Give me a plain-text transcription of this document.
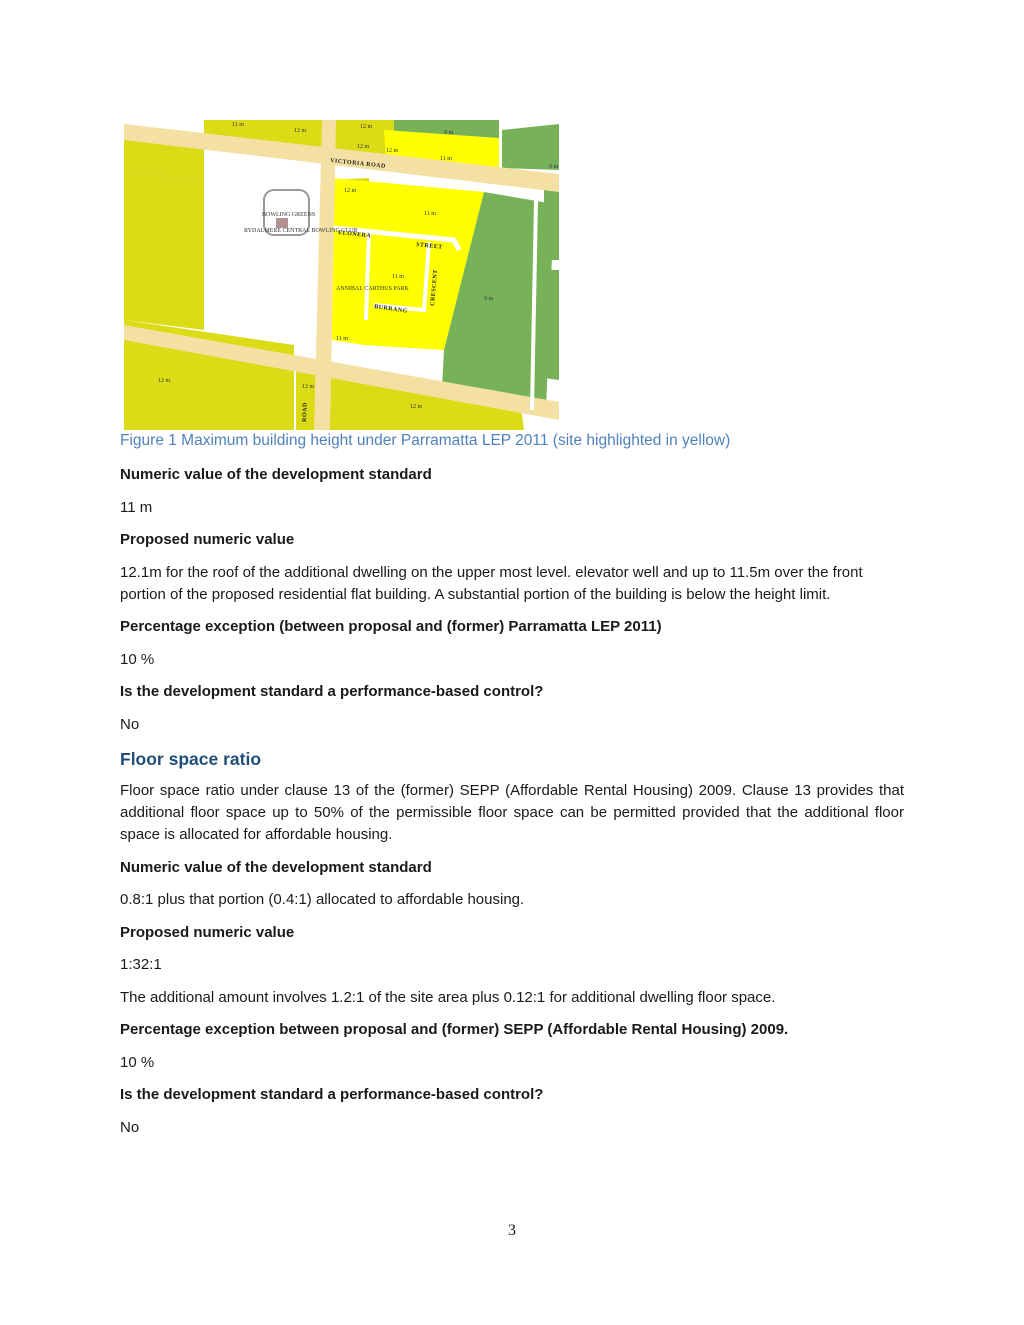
11 m
12 m
12 m
12 m
12 m
9 m
11 m
12 m
11 m
11 m
9 m
11 m
12 m
12 m
12 m
9 m
VICTORIA ROAD
ELONERA
STREET
CRESCENT
BURRANG
ROAD
BOWLING GREENS
RYDALMERE CENTRAL BOWLING CLUB
ANNIBAL CARTHUS PARK
Figure 1 Maximum building height under Parramatta LEP 2011 (site highlighted in yellow)
Numeric value of the development standard
11 m
Proposed numeric value
12.1m for the roof of the additional dwelling on the upper most level. elevator well and up to 11.5m over the front portion of the proposed residential flat building. A substantial portion of the building is below the height limit.
Percentage exception (between proposal and (former) Parramatta LEP 2011)
10 %
Is the development standard a performance-based control?
No
Floor space ratio
Floor space ratio under clause 13 of the (former) SEPP (Affordable Rental Housing) 2009. Clause 13 provides that additional floor space up to 50% of the permissible floor space can be permitted provided that the additional floor space is allocated for affordable housing.
Numeric value of the development standard
0.8:1 plus that portion (0.4:1) allocated to affordable housing.
Proposed numeric value
1:32:1
The additional amount involves 1.2:1 of the site area plus 0.12:1 for additional dwelling floor space.
Percentage exception between proposal and (former) SEPP (Affordable Rental Housing) 2009.
10 %
Is the development standard a performance-based control?
No
3
